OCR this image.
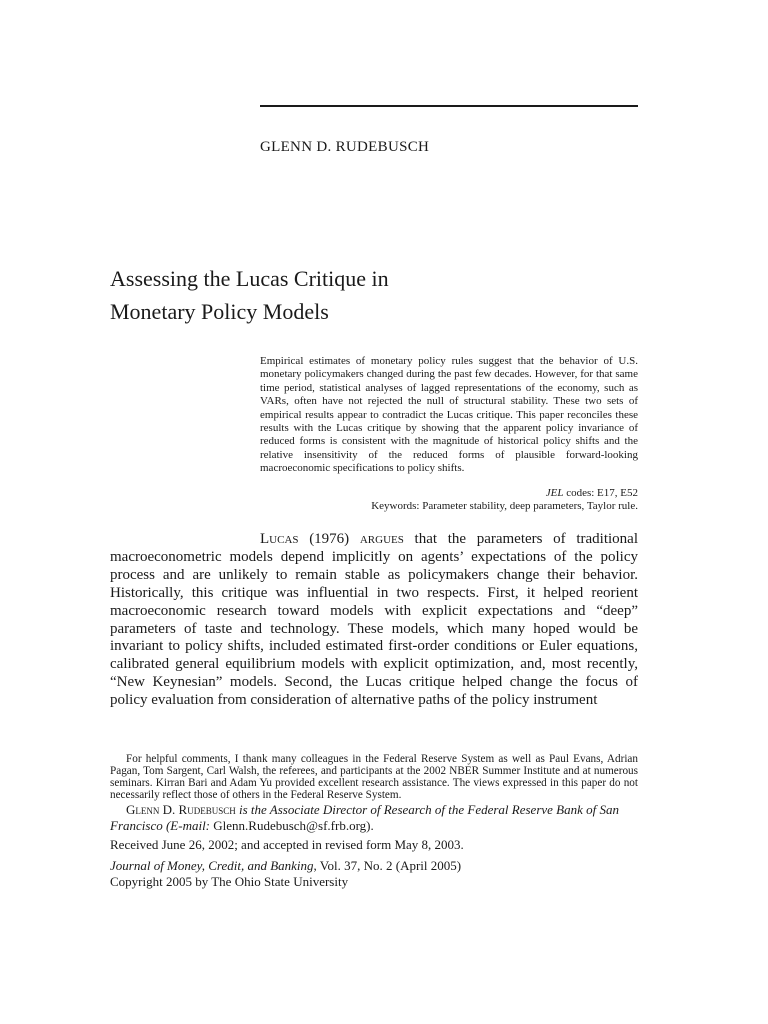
GLENN D. RUDEBUSCH
Assessing the Lucas Critique in
Monetary Policy Models
Empirical estimates of monetary policy rules suggest that the behavior of U.S. monetary policymakers changed during the past few decades. However, for that same time period, statistical analyses of lagged representations of the economy, such as VARs, often have not rejected the null of structural stability. These two sets of empirical results appear to contradict the Lucas critique. This paper reconciles these results with the Lucas critique by showing that the apparent policy invariance of reduced forms is consistent with the magnitude of historical policy shifts and the relative insensitivity of the reduced forms of plausible forward-looking macroeconomic specifications to policy shifts.
JEL codes: E17, E52
Keywords: Parameter stability, deep parameters, Taylor rule.
Lucas (1976) argues that the parameters of traditional macroeconometric models depend implicitly on agents’ expectations of the policy process and are unlikely to remain stable as policymakers change their behavior. Historically, this critique was influential in two respects. First, it helped reorient macroeconomic research toward models with explicit expectations and “deep” parameters of taste and technology. These models, which many hoped would be invariant to policy shifts, included estimated first-order conditions or Euler equations, calibrated general equilibrium models with explicit optimization, and, most recently, “New Keynesian” models. Second, the Lucas critique helped change the focus of policy evaluation from consideration of alternative paths of the policy instrument
For helpful comments, I thank many colleagues in the Federal Reserve System as well as Paul Evans, Adrian Pagan, Tom Sargent, Carl Walsh, the referees, and participants at the 2002 NBER Summer Institute and at numerous seminars. Kirran Bari and Adam Yu provided excellent research assistance. The views expressed in this paper do not necessarily reflect those of others in the Federal Reserve System.
Glenn D. Rudebusch is the Associate Director of Research of the Federal Reserve Bank of San Francisco (E-mail: Glenn.Rudebusch@sf.frb.org).
Received June 26, 2002; and accepted in revised form May 8, 2003.
Journal of Money, Credit, and Banking, Vol. 37, No. 2 (April 2005)
Copyright 2005 by The Ohio State University
